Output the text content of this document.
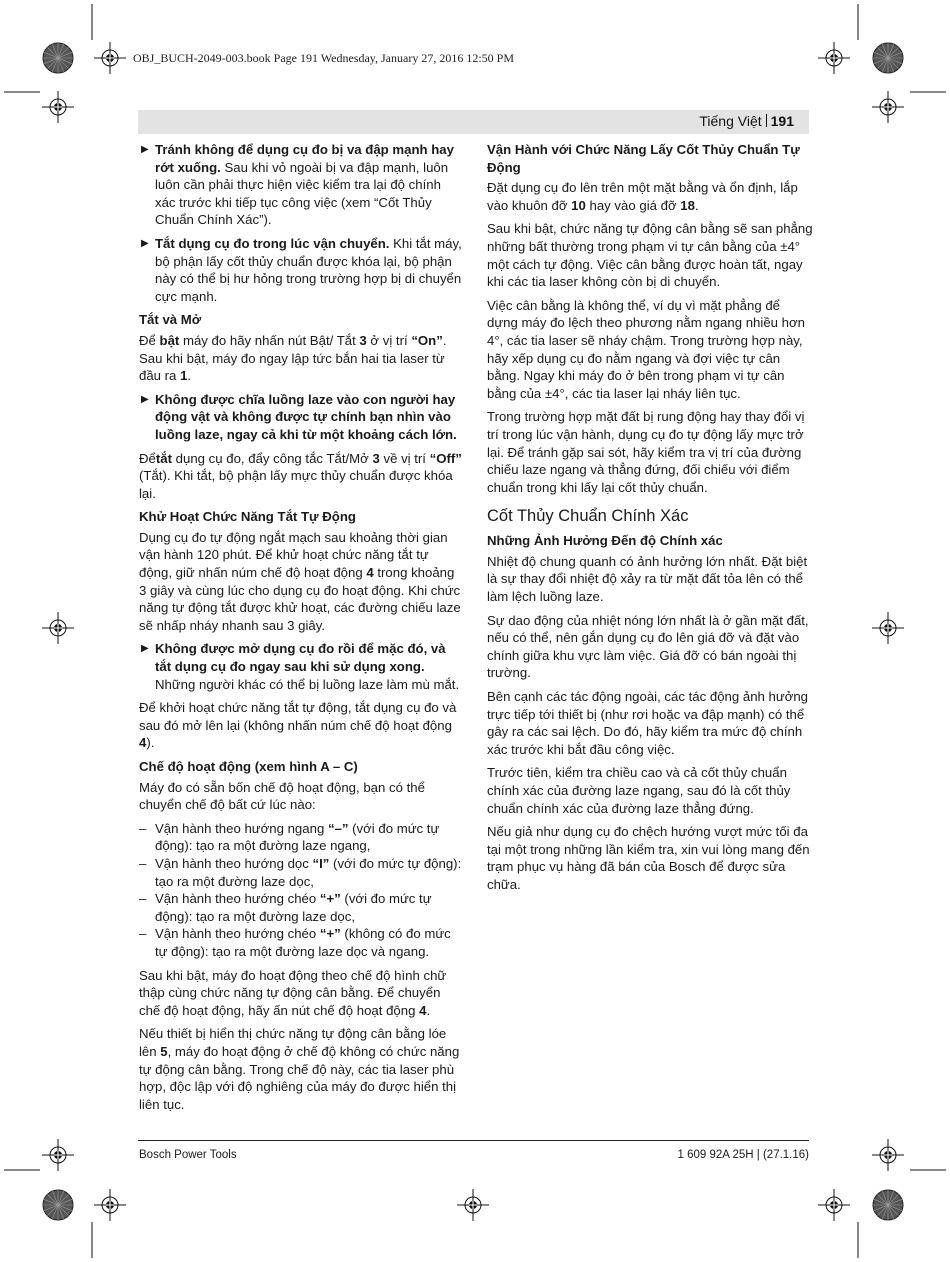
OBJ_BUCH-2049-003.book Page 191 Wednesday, January 27, 2016 12:50 PM
Tiếng Việt 191
▶ Tránh không để dụng cụ đo bị va đập mạnh hay rớt xuống. Sau khi vỏ ngoài bị va đập mạnh, luôn luôn cần phải thực hiện việc kiểm tra lại độ chính xác trước khi tiếp tục công việc (xem “Cốt Thủy Chuẩn Chính Xác”).
▶ Tắt dụng cụ đo trong lúc vận chuyển. Khi tắt máy, bộ phận lấy cốt thủy chuẩn được khóa lại, bộ phận này có thể bị hư hỏng trong trường hợp bị di chuyển cực mạnh.
Tắt và Mở

Để bật máy đo hãy nhấn nút Bật/ Tắt 3 ở vị trí “On”. Sau khi bật, máy đo ngay lập tức bắn hai tia laser từ đầu ra 1.

▶ Không được chĩa luồng laze vào con người hay động vật và không được tự chính bạn nhìn vào luồng laze, ngay cả khi từ một khoảng cách lớn.

Đểtắt dụng cụ đo, đẩy công tắc Tắt/Mở 3 về vị trí “Off” (Tắt). Khi tắt, bộ phận lấy mực thủy chuẩn được khóa lại.

Khử Hoạt Chức Năng Tắt Tự Động

Dụng cụ đo tự động ngắt mạch sau khoảng thời gian vận hành 120 phút. Để khử hoạt chức năng tắt tự động, giữ nhấn núm chế độ hoạt động 4 trong khoảng 3 giây và cùng lúc cho dụng cụ đo hoạt động. Khi chức năng tự động tắt được khử hoạt, các đường chiếu laze sẽ nhấp nháy nhanh sau 3 giây.

▶ Không được mở dụng cụ đo rồi để mặc đó, và tắt dụng cụ đo ngay sau khi sử dụng xong. Những người khác có thể bị luồng laze làm mù mắt.

Để khởi hoạt chức năng tắt tự động, tắt dụng cụ đo và sau đó mở lên lại (không nhấn núm chế độ hoạt động 4).

Chế độ hoạt động (xem hình A – C)

Máy đo có sẵn bốn chế độ hoạt động, bạn có thể chuyển chế độ bất cứ lúc nào:

– Vận hành theo hướng ngang “–” (với đo mức tự động): tạo ra một đường laze ngang,
– Vận hành theo hướng dọc “I” (với đo mức tự động): tạo ra một đường laze dọc,
– Vận hành theo hướng chéo “+” (với đo mức tự động): tạo ra một đường laze dọc,
– Vận hành theo hướng chéo “+” (không có đo mức tự động): tạo ra một đường laze dọc và ngang.

Sau khi bật, máy đo hoạt động theo chế độ hình chữ thập cùng chức năng tự động cân bằng. Để chuyển chế độ hoạt động, hãy ấn nút chế độ hoạt động 4.

Nếu thiết bị hiển thị chức năng tự động cân bằng lóe lên 5, máy đo hoạt động ở chế độ không có chức năng tự động cân bằng. Trong chế độ này, các tia laser phù hợp, độc lập với độ nghiêng của máy đo được hiển thị liên tục.

Vận Hành với Chức Năng Lấy Cốt Thủy Chuẩn Tự Động

Đặt dụng cụ đo lên trên một mặt bằng và ổn định, lắp vào khuôn đỡ 10 hay vào giá đỡ 18.

Sau khi bật, chức năng tự động cân bằng sẽ san phẳng những bất thường trong phạm vi tự cân bằng của ±4° một cách tự động. Việc cân bằng được hoàn tất, ngay khi các tia laser không còn bị di chuyển.

Việc cân bằng là không thể, ví dụ vì mặt phẳng để dựng máy đo lệch theo phương nằm ngang nhiều hơn 4°, các tia laser sẽ nháy chậm. Trong trường hợp này, hãy xếp dụng cụ đo nằm ngang và đợi việc tự cân bằng. Ngay khi máy đo ở bên trong phạm vi tự cân bằng của ±4°, các tia laser lại nháy liên tục.

Trong trường hợp mặt đất bị rung động hay thay đổi vị trí trong lúc vận hành, dụng cụ đo tự động lấy mực trở lại. Để tránh gặp sai sót, hãy kiểm tra vị trí của đường chiếu laze ngang và thẳng đứng, đối chiếu với điểm chuẩn trong khi lấy lại cốt thủy chuẩn.

Cốt Thủy Chuẩn Chính Xác
Những Ảnh Hưởng Đến độ Chính xác

Nhiệt độ chung quanh có ảnh hưởng lớn nhất. Đặt biệt là sự thay đổi nhiệt độ xảy ra từ mặt đất tỏa lên có thể làm lệch luồng laze.

Sự dao động của nhiệt nóng lớn nhất là ở gần mặt đất, nếu có thể, nên gắn dụng cụ đo lên giá đỡ và đặt vào chính giữa khu vực làm việc. Giá đỡ có bán ngoài thị trường.

Bên cạnh các tác động ngoài, các tác động ảnh hưởng trực tiếp tới thiết bị (như rơi hoặc va đập mạnh) có thể gây ra các sai lệch. Do đó, hãy kiểm tra mức độ chính xác trước khi bắt đầu công việc.

Trước tiên, kiểm tra chiều cao và cả cốt thủy chuẩn chính xác của đường laze ngang, sau đó là cốt thủy chuẩn chính xác của đường laze thẳng đứng.

Nếu giả như dụng cụ đo chệch hướng vượt mức tối đa tại một trong những lần kiểm tra, xin vui lòng mang đến trạm phục vụ hàng đã bán của Bosch để được sửa chữa.

Bosch Power Tools	1 609 92A 25H | (27.1.16)
